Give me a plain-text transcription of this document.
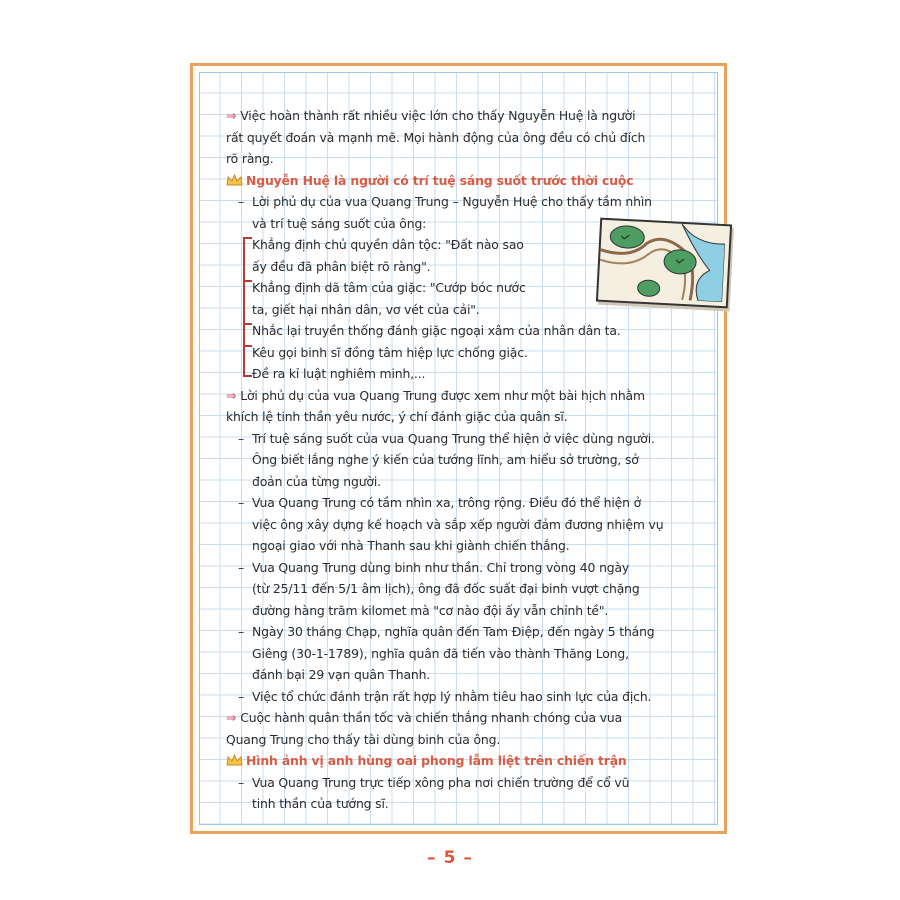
⇒ Việc hoàn thành rất nhiều việc lớn cho thấy Nguyễn Huệ là người
rất quyết đoán và mạnh mẽ. Mọi hành động của ông đều có chủ đích
rõ ràng.
Nguyễn Huệ là người có trí tuệ sáng suốt trước thời cuộc
– Lời phủ dụ của vua Quang Trung – Nguyễn Huệ cho thấy tầm nhìn
và trí tuệ sáng suốt của ông:
Khẳng định chủ quyền dân tộc: "Đất nào sao
ấy đều đã phân biệt rõ ràng".
Khẳng định dã tâm của giặc: "Cướp bóc nước
ta, giết hại nhân dân, vơ vét của cải".
Nhắc lại truyền thống đánh giặc ngoại xâm của nhân dân ta.
Kêu gọi binh sĩ đồng tâm hiệp lực chống giặc.
Đề ra kỉ luật nghiêm minh,...
⇒ Lời phủ dụ của vua Quang Trung được xem như một bài hịch nhằm
khích lệ tinh thần yêu nước, ý chí đánh giặc của quân sĩ.
– Trí tuệ sáng suốt của vua Quang Trung thể hiện ở việc dùng người.
Ông biết lắng nghe ý kiến của tướng lĩnh, am hiểu sở trường, sở
đoản của từng người.
– Vua Quang Trung có tầm nhìn xa, trông rộng. Điều đó thể hiện ở
việc ông xây dựng kế hoạch và sắp xếp người đảm đương nhiệm vụ
ngoại giao với nhà Thanh sau khi giành chiến thắng.
– Vua Quang Trung dùng binh như thần. Chỉ trong vòng 40 ngày
(từ 25/11 đến 5/1 âm lịch), ông đã đốc suất đại binh vượt chặng
đường hàng trăm kilomet mà "cơ nào đội ấy vẫn chỉnh tề".
– Ngày 30 tháng Chạp, nghĩa quân đến Tam Điệp, đến ngày 5 tháng
Giêng (30-1-1789), nghĩa quân đã tiến vào thành Thăng Long,
đánh bại 29 vạn quân Thanh.
– Việc tổ chức đánh trận rất hợp lý nhằm tiêu hao sinh lực của địch.
⇒ Cuộc hành quân thần tốc và chiến thắng nhanh chóng của vua
Quang Trung cho thấy tài dùng binh của ông.
Hình ảnh vị anh hùng oai phong lẫm liệt trên chiến trận
– Vua Quang Trung trực tiếp xông pha nơi chiến trường để cổ vũ
tinh thần của tướng sĩ.
– 5 –
